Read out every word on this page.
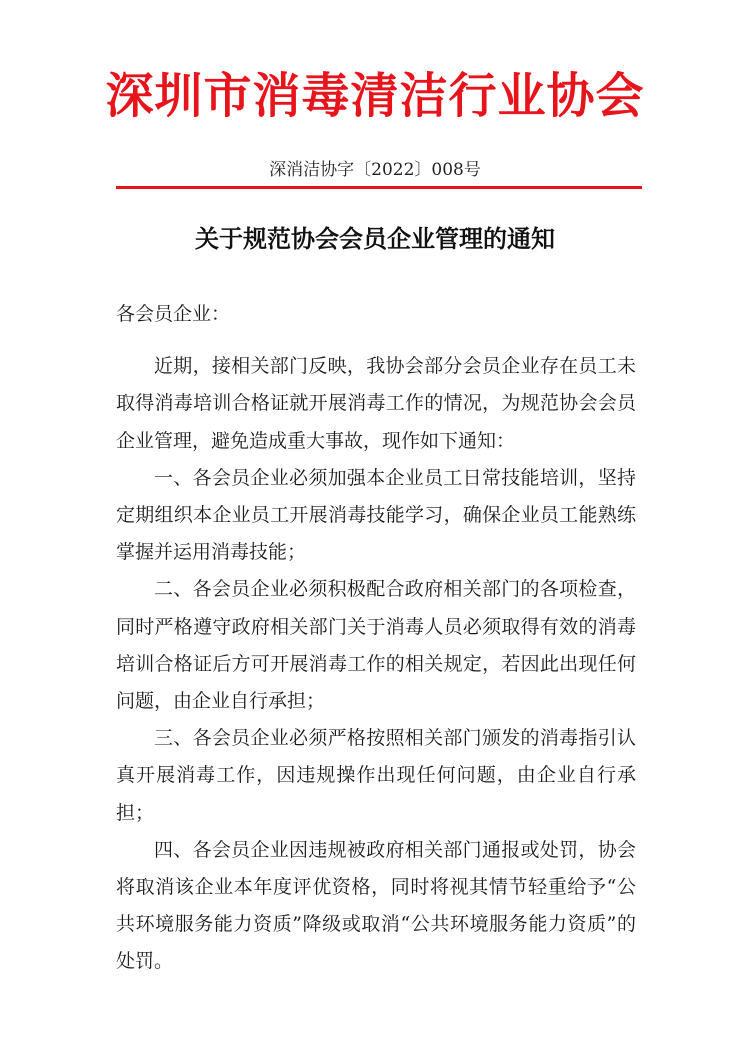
深圳市消毒清洁行业协会
深消洁协字〔2022〕008号
关于规范协会会员企业管理的通知

各会员企业：

近期，接相关部门反映，我协会部分会员企业存在员工未取得消毒培训合格证就开展消毒工作的情况，为规范协会会员企业管理，避免造成重大事故，现作如下通知：

一、各会员企业必须加强本企业员工日常技能培训，坚持定期组织本企业员工开展消毒技能学习，确保企业员工能熟练掌握并运用消毒技能；

二、各会员企业必须积极配合政府相关部门的各项检查，同时严格遵守政府相关部门关于消毒人员必须取得有效的消毒培训合格证后方可开展消毒工作的相关规定，若因此出现任何问题，由企业自行承担；

三、各会员企业必须严格按照相关部门颁发的消毒指引认真开展消毒工作，因违规操作出现任何问题，由企业自行承担；

四、各会员企业因违规被政府相关部门通报或处罚，协会将取消该企业本年度评优资格，同时将视其情节轻重给予“公共环境服务能力资质”降级或取消“公共环境服务能力资质”的处罚。
